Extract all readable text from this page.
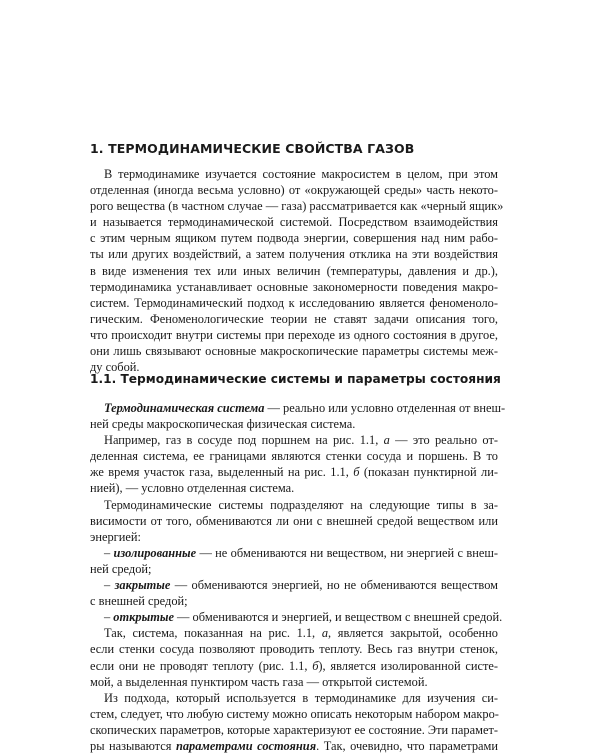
1. ТЕРМОДИНАМИЧЕСКИЕ СВОЙСТВА ГАЗОВ
В термодинамике изучается состояние макросистем в целом, при этом
отделенная (иногда весьма условно) от «окружающей среды» часть некото-
рого вещества (в частном случае — газа) рассматривается как «черный ящик»
и называется термодинамической системой. Посредством взаимодействия
с этим черным ящиком путем подвода энергии, совершения над ним рабо-
ты или других воздействий, а затем получения отклика на эти воздействия
в виде изменения тех или иных величин (температуры, давления и др.),
термодинамика устанавливает основные закономерности поведения макро-
систем. Термодинамический подход к исследованию является феноменоло-
гическим. Феноменологические теории не ставят задачи описания того,
что происходит внутри системы при переходе из одного состояния в другое,
они лишь связывают основные макроскопические параметры системы меж-
ду собой.
1.1. Термодинамические системы и параметры состояния
Термодинамическая система — реально или условно отделенная от внеш-
ней среды макроскопическая физическая система.
Например, газ в сосуде под поршнем на рис. 1.1, а — это реально от-
деленная система, ее границами являются стенки сосуда и поршень. В то
же время участок газа, выделенный на рис. 1.1, б (показан пунктирной ли-
нией), — условно отделенная система.
Термодинамические системы подразделяют на следующие типы в за-
висимости от того, обмениваются ли они с внешней средой веществом или
энергией:
– изолированные — не обмениваются ни веществом, ни энергией с внеш-
ней средой;
– закрытые — обмениваются энергией, но не обмениваются веществом
с внешней средой;
– открытые — обмениваются и энергией, и веществом с внешней средой.
Так, система, показанная на рис. 1.1, а, является закрытой, особенно
если стенки сосуда позволяют проводить теплоту. Весь газ внутри стенок,
если они не проводят теплоту (рис. 1.1, б), является изолированной систе-
мой, а выделенная пунктиром часть газа — открытой системой.
Из подхода, который используется в термодинамике для изучения си-
стем, следует, что любую систему можно описать некоторым набором макро-
скопических параметров, которые характеризуют ее состояние. Эти парамет-
ры называются параметрами состояния. Так, очевидно, что параметрами
